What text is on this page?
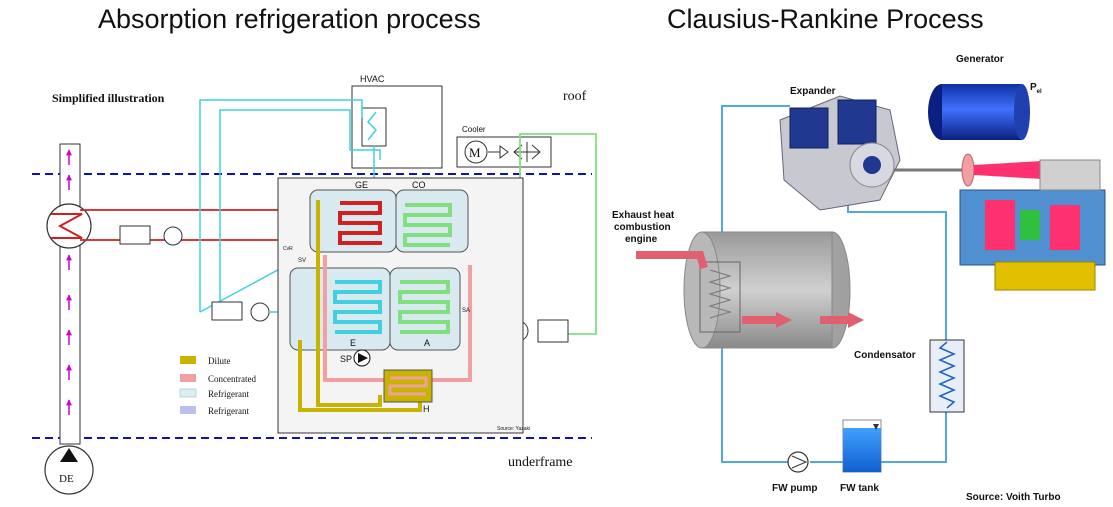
Absorption refrigeration process	Clausius-Rankine Process
Simplified illustration	roof
underframe
DE
HVAC
Cooler
M
GE	CO
E	A
H
SP
SV
CvR
SA
Source: Yazaki
Dilute
Concentrated
Refrigerant
Refrigerant
Exhaust heat
combustion
engine
Expander
Generator
$P_{el}$
Condensator
FW pump FW tank
Source: Voith Turbo
